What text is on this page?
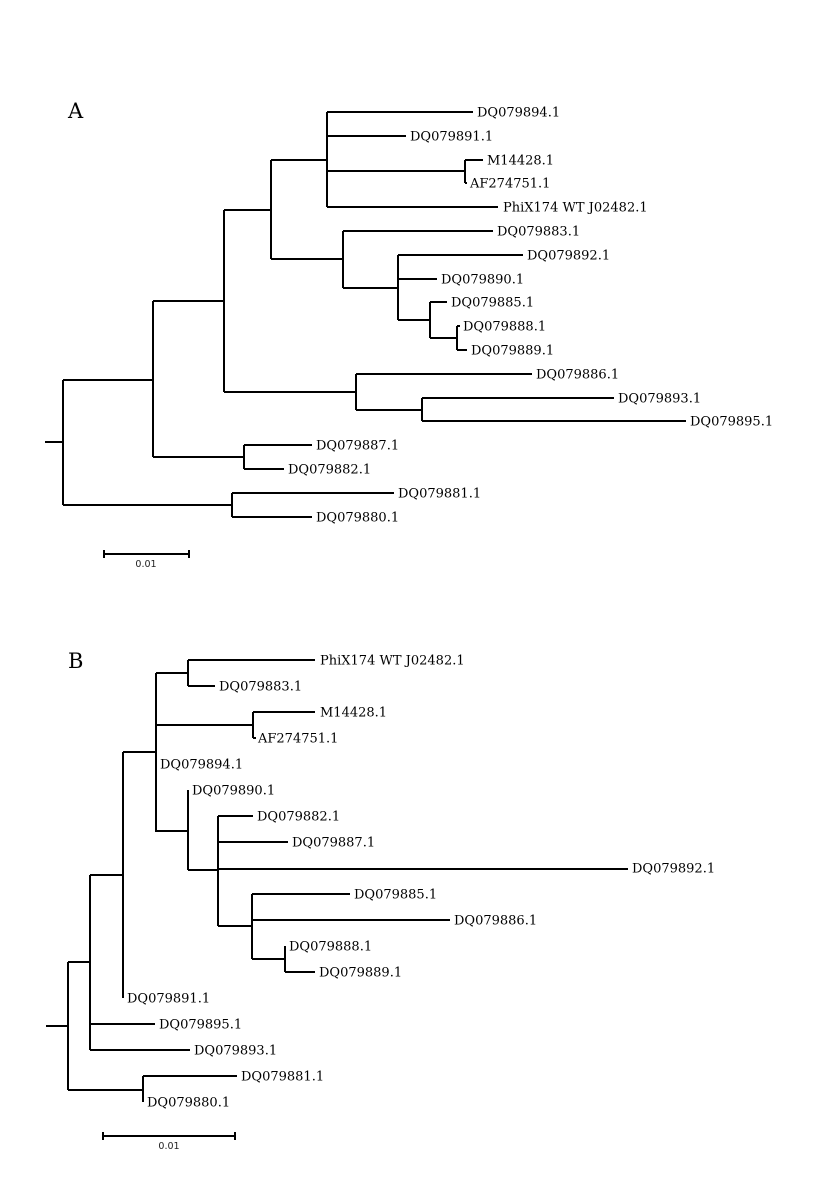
A
0.01
DQ079894.1
DQ079891.1
M14428.1
AF274751.1
PhiX174 WT J02482.1
DQ079883.1
DQ079892.1
DQ079890.1
DQ079885.1
DQ079888.1
DQ079889.1
DQ079886.1
DQ079893.1
DQ079895.1
DQ079887.1
DQ079882.1
DQ079881.1
DQ079880.1
B
0.01
PhiX174 WT J02482.1
DQ079883.1
M14428.1
AF274751.1
DQ079894.1
DQ079890.1
DQ079882.1
DQ079887.1
DQ079892.1
DQ079885.1
DQ079886.1
DQ079888.1
DQ079889.1
DQ079891.1
DQ079895.1
DQ079893.1
DQ079881.1
DQ079880.1
